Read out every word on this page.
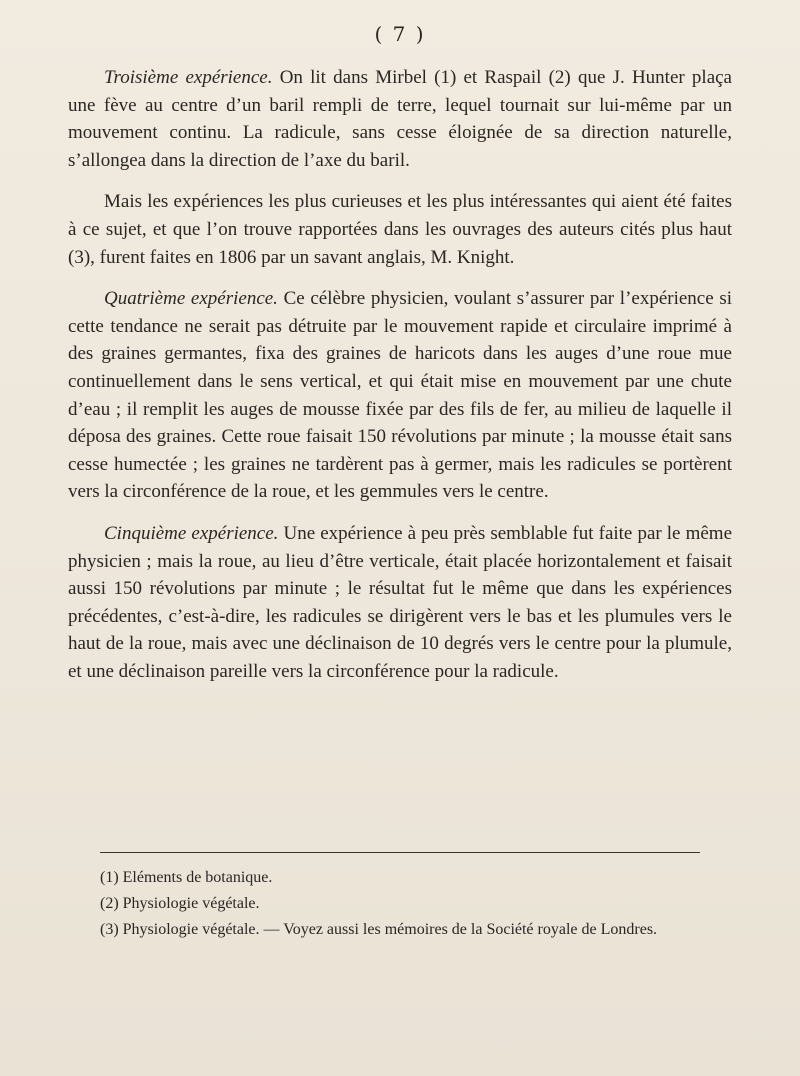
( 7 )

Troisième expérience. On lit dans Mirbel (1) et Raspail (2) que J. Hunter plaça une fève au centre d’un baril rempli de terre, lequel tournait sur lui-même par un mouvement continu. La radicule, sans cesse éloignée de sa direction naturelle, s’allongea dans la direction de l’axe du baril.

Mais les expériences les plus curieuses et les plus intéressantes qui aient été faites à ce sujet, et que l’on trouve rapportées dans les ouvrages des auteurs cités plus haut (3), furent faites en 1806 par un savant anglais, M. Knight.

Quatrième expérience. Ce célèbre physicien, voulant s’assurer par l’expérience si cette tendance ne serait pas détruite par le mouvement rapide et circulaire imprimé à des graines germantes, fixa des graines de haricots dans les auges d’une roue mue continuellement dans le sens vertical, et qui était mise en mouvement par une chute d’eau ; il remplit les auges de mousse fixée par des fils de fer, au milieu de laquelle il déposa des graines. Cette roue faisait 150 révolutions par minute ; la mousse était sans cesse humectée ; les graines ne tardèrent pas à germer, mais les radicules se portèrent vers la circonférence de la roue, et les gemmules vers le centre.

Cinquième expérience. Une expérience à peu près semblable fut faite par le même physicien ; mais la roue, au lieu d’être verticale, était placée horizontalement et faisait aussi 150 révolutions par minute ; le résultat fut le même que dans les expériences précédentes, c’est-à-dire, les radicules se dirigèrent vers le bas et les plumules vers le haut de la roue, mais avec une déclinaison de 10 degrés vers le centre pour la plumule, et une déclinaison pareille vers la circonférence pour la radicule.

(1) Eléments de botanique.

(2) Physiologie végétale.

(3) Physiologie végétale. — Voyez aussi les mémoires de la Société royale de Londres.
